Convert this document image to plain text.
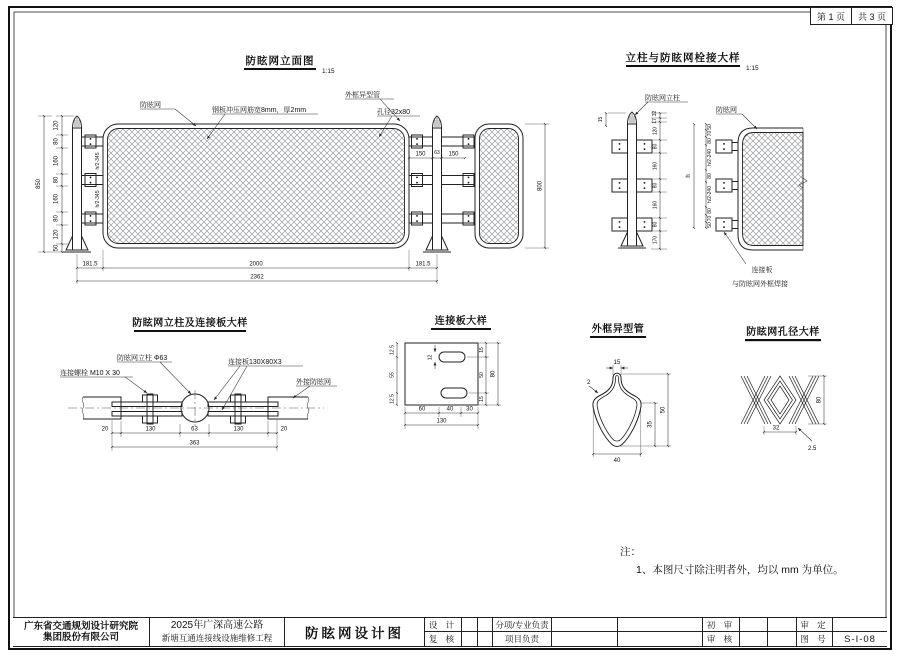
防眩网立面图
1:15
120
80
160
80
160
80
120
50
850
h/2-345
h/2-345
150 63 150
800
181.5	2000	181.5
2362
防眩网
钢板冲压网筋宽8mm，厚2mm
外框异型管
孔径32x80
立柱与防眩网栓接大样
1:15
15
32
17
120
80
160
80
160
80
170
h
50
70
80
h/2-240
80
h/2-240
80
70
50
防眩网立柱
防眩网
连接板
与防眩网外框焊接
防眩网立柱及连接板大样
连接螺栓 M10 X 30
防眩网立柱 Φ63
连接板130X80X3
外接防眩网
20	130	63	130	20
363
连接板大样
12
12.5
55
12.5
15
50
15
80
60	40 30
130
外框异型管
15
2
35
50
40
防眩网孔径大样
80
32
2.5
注：
1、本图尺寸除注明者外，均以 mm 为单位。
第 1 页	共 3 页
广东省交通规划设计研究院
集团股份有限公司
2025年广深高速公路
新塘互通连接线设施维修工程	防眩网设计图
设 计	分项/专业负责	初 审	审 定
复 核	项目负责	审 核	图 号	S-I-08
